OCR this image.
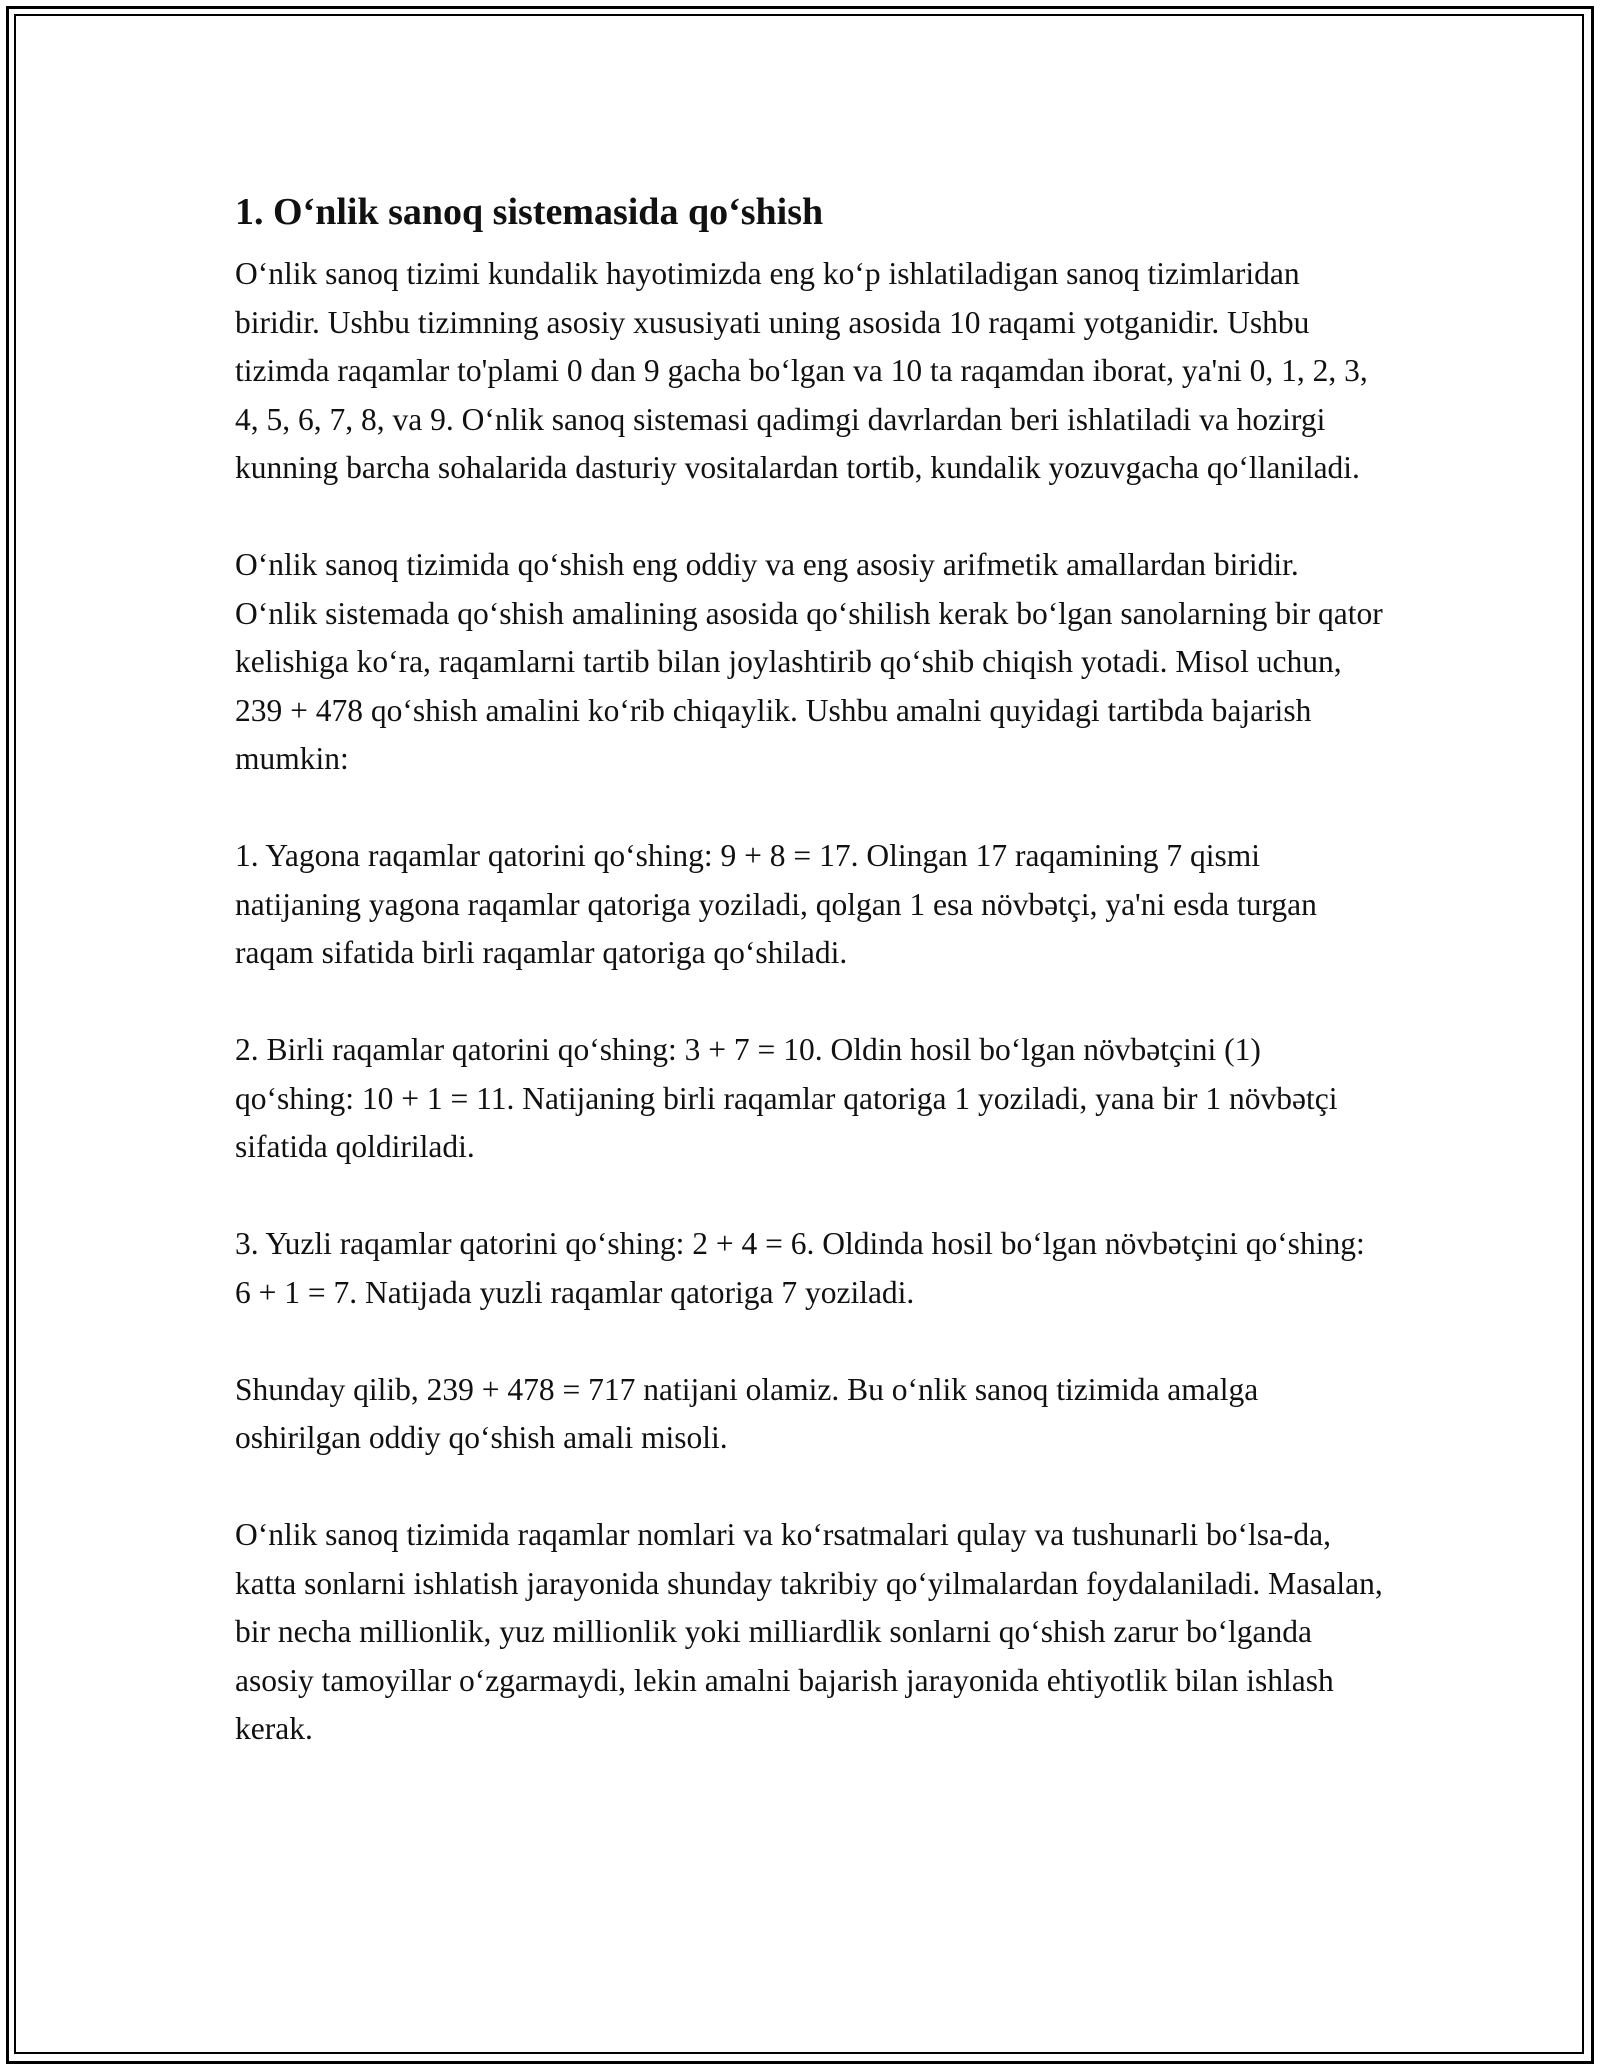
1. O‘nlik sanoq sistemasida qo‘shish

O‘nlik sanoq tizimi kundalik hayotimizda eng ko‘p ishlatiladigan sanoq tizimlaridan biridir. Ushbu tizimning asosiy xususiyati uning asosida 10 raqami yotganidir. Ushbu tizimda raqamlar to'plami 0 dan 9 gacha bo‘lgan va 10 ta raqamdan iborat, ya'ni 0, 1, 2, 3, 4, 5, 6, 7, 8, va 9. O‘nlik sanoq sistemasi qadimgi davrlardan beri ishlatiladi va hozirgi kunning barcha sohalarida dasturiy vositalardan tortib, kundalik yozuvgacha qo‘llaniladi.

O‘nlik sanoq tizimida qo‘shish eng oddiy va eng asosiy arifmetik amallardan biridir. O‘nlik sistemada qo‘shish amalining asosida qo‘shilish kerak bo‘lgan sanolarning bir qator kelishiga ko‘ra, raqamlarni tartib bilan joylashtirib qo‘shib chiqish yotadi. Misol uchun, 239 + 478 qo‘shish amalini ko‘rib chiqaylik. Ushbu amalni quyidagi tartibda bajarish mumkin:

1. Yagona raqamlar qatorini qo‘shing: 9 + 8 = 17. Olingan 17 raqamining 7 qismi natijaning yagona raqamlar qatoriga yoziladi, qolgan 1 esa növbətçi, ya'ni esda turgan raqam sifatida birli raqamlar qatoriga qo‘shiladi.

2. Birli raqamlar qatorini qo‘shing: 3 + 7 = 10. Oldin hosil bo‘lgan növbətçini (1) qo‘shing: 10 + 1 = 11. Natijaning birli raqamlar qatoriga 1 yoziladi, yana bir 1 növbətçi sifatida qoldiriladi.

3. Yuzli raqamlar qatorini qo‘shing: 2 + 4 = 6. Oldinda hosil bo‘lgan növbətçini qo‘shing: 6 + 1 = 7. Natijada yuzli raqamlar qatoriga 7 yoziladi.

Shunday qilib, 239 + 478 = 717 natijani olamiz. Bu o‘nlik sanoq tizimida amalga oshirilgan oddiy qo‘shish amali misoli.

O‘nlik sanoq tizimida raqamlar nomlari va ko‘rsatmalari qulay va tushunarli bo‘lsa-da, katta sonlarni ishlatish jarayonida shunday takribiy qo‘yilmalardan foydalaniladi. Masalan, bir necha millionlik, yuz millionlik yoki milliardlik sonlarni qo‘shish zarur bo‘lganda asosiy tamoyillar o‘zgarmaydi, lekin amalni bajarish jarayonida ehtiyotlik bilan ishlash kerak.
